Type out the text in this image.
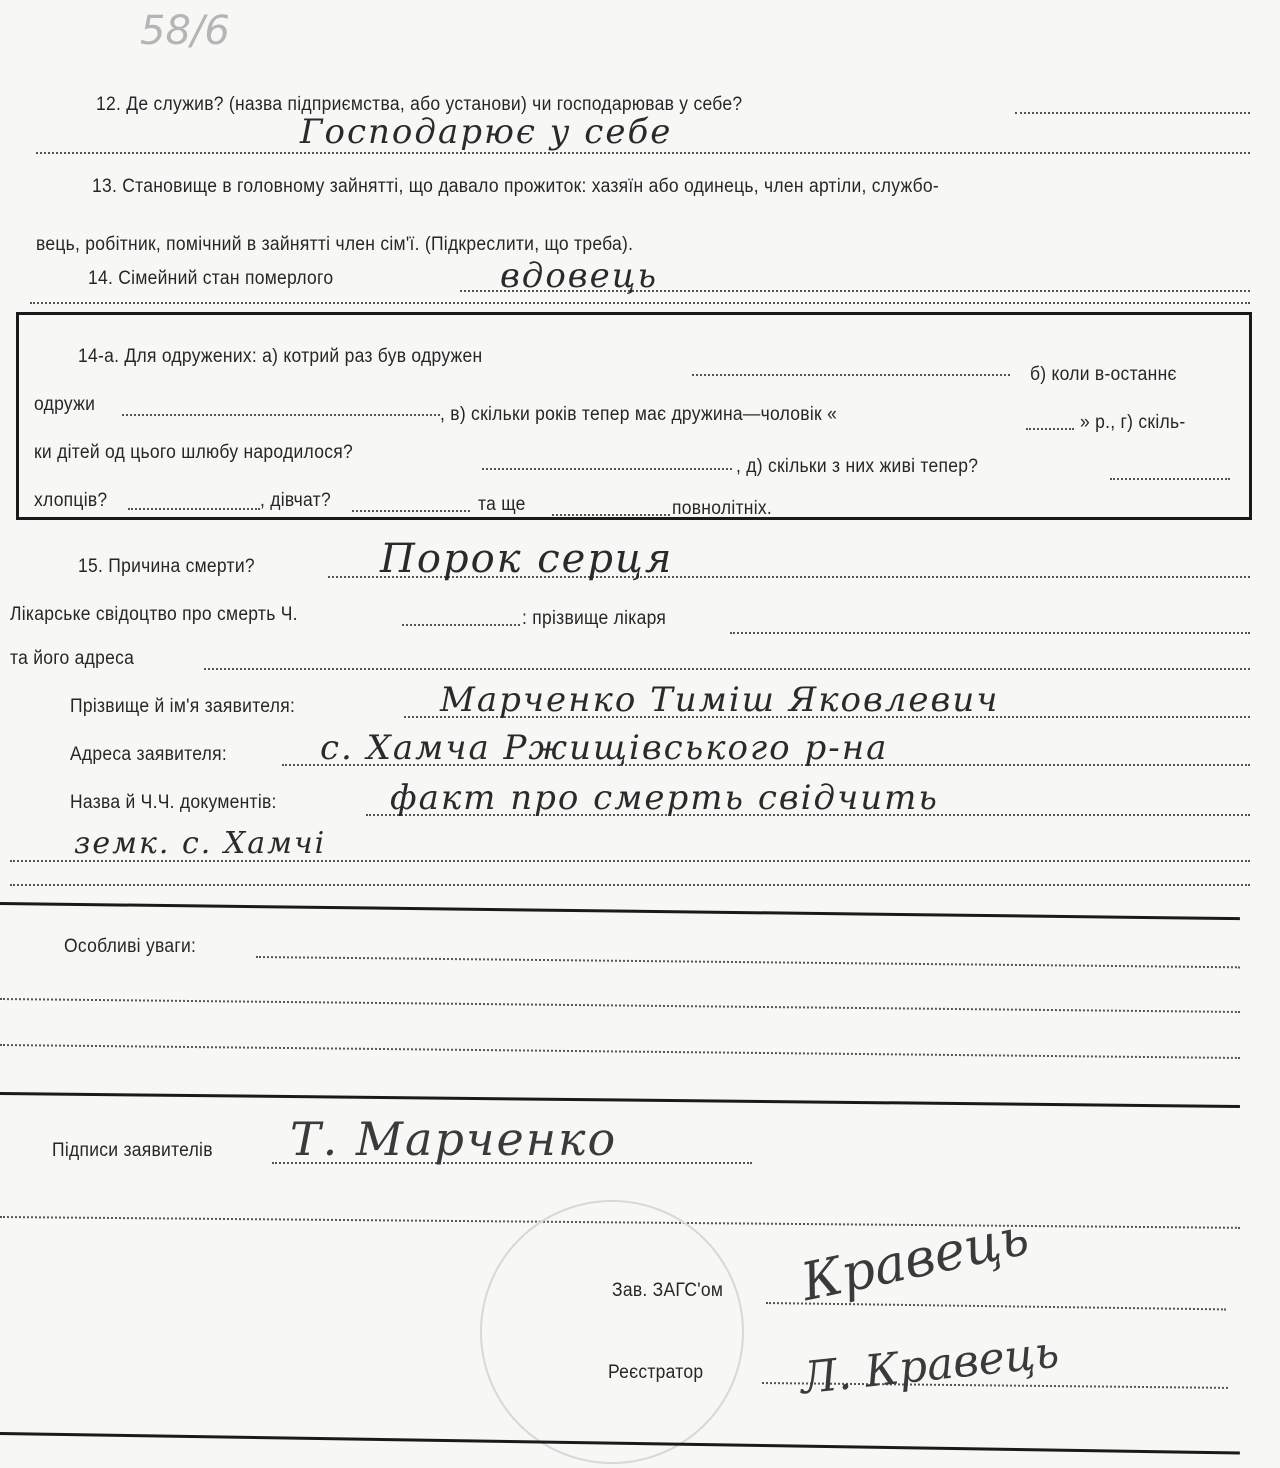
58/6
12. Де служив? (назва підприємства, або установи) чи господарював у себе?
Господарює у себе
13. Становище в головному зайнятті, що давало прожиток: хазяїн або одинець, член артіли, службо-
вець, робітник, помічний в зайнятті член сім'ї. (Підкреслити, що треба).
14. Сімейний стан померлого	вдовець
14-а. Для одружених: а) котрий раз був одружен
б) коли в-останнє
одружи	, в) скільки років тепер має дружина—чоловік «	» р., г) скіль-
ки дітей од цього шлюбу народилося?
, д) скільки з них живі тепер?
хлопців?	, дівчат?	та ще	повнолітніх.
15. Причина смерти?	Порок серця
Лікарське свідоцтво про смерть Ч.	: прізвище лікаря
та його адреса
Прізвище й ім'я заявителя:	Марченко Тиміш Яковлевич
Адреса заявителя:	с. Хамча Ржищівського р-на
Назва й Ч.Ч. документів:	факт про смерть свідчить
земк. с. Хамчі
Особливі уваги:
Підписи заявителів Т. Марченко
Зав. ЗАГС'ом Кравець
Реєстратор Л. Кравець
